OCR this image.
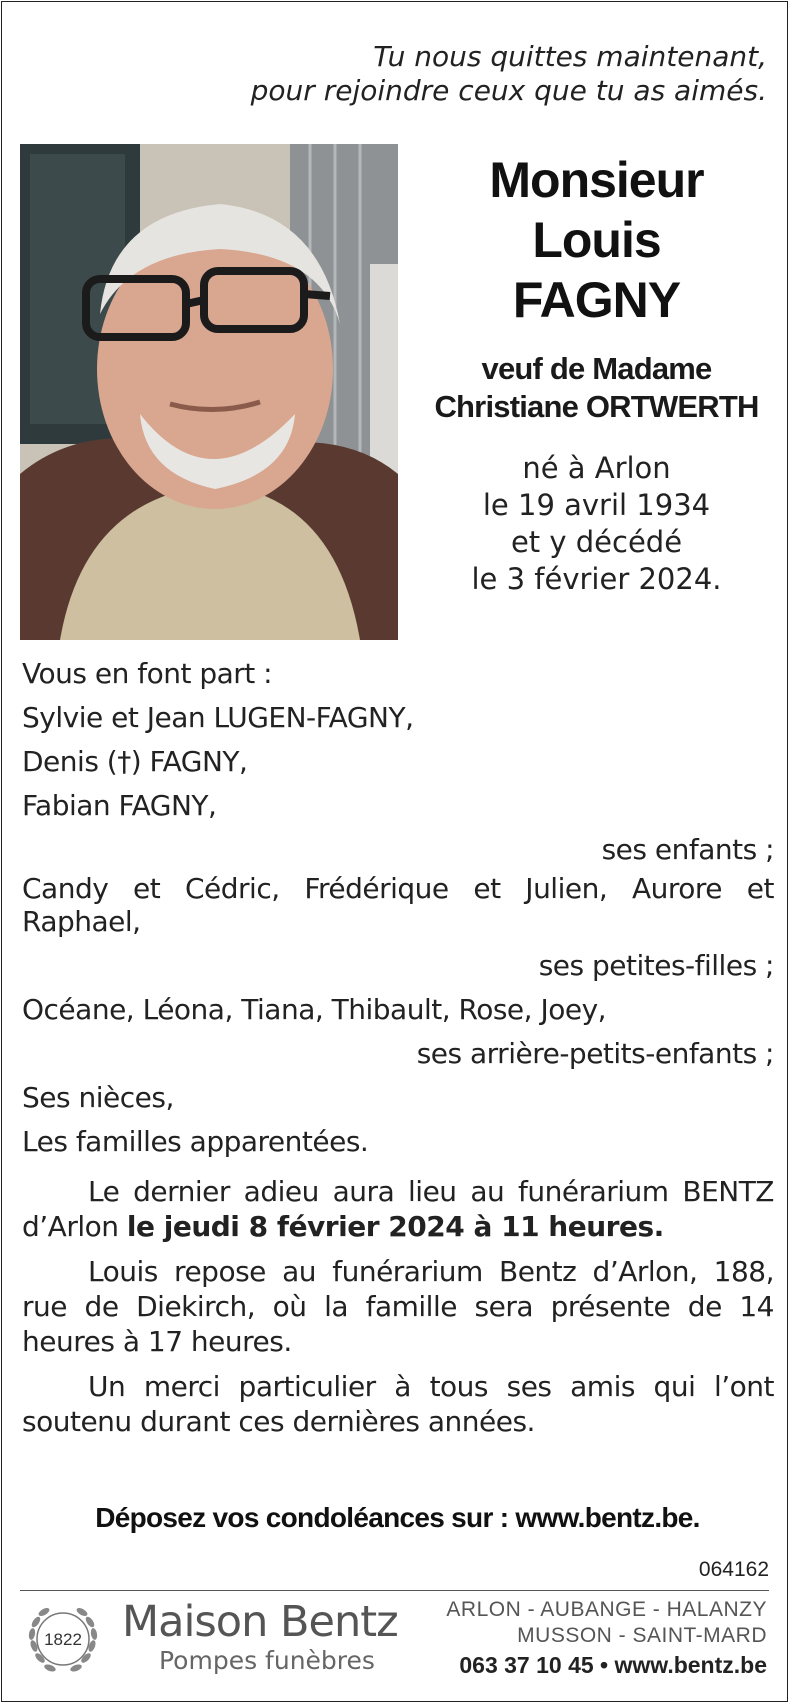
Tu nous quittes maintenant,
pour rejoindre ceux que tu as aimés.
Monsieur
Louis
FAGNY
veuf de Madame
Christiane ORTWERTH
né à Arlon
le 19 avril 1934
et y décédé
le 3 février 2024.
Vous en font part :
Sylvie et Jean LUGEN-FAGNY,
Denis (†) FAGNY,
Fabian FAGNY,
ses enfants ;
Candy et Cédric, Frédérique et Julien, Aurore et Raphael,
ses petites-filles ;
Océane, Léona, Tiana, Thibault, Rose, Joey,
ses arrière-petits-enfants ;
Ses nièces,
Les familles apparentées.
Le dernier adieu aura lieu au funérarium BENTZ d’Arlon le jeudi 8 février 2024 à 11 heures.
Louis repose au funérarium Bentz d’Arlon, 188, rue de Diekirch, où la famille sera présente de 14 heures à 17 heures.
Un merci particulier à tous ses amis qui l’ont soutenu durant ces dernières années.
Déposez vos condoléances sur : www.bentz.be.
064162
1822 Maison Bentz
Pompes funèbres
ARLON - AUBANGE - HALANZY
MUSSON - SAINT-MARD
063 37 10 45 • www.bentz.be
